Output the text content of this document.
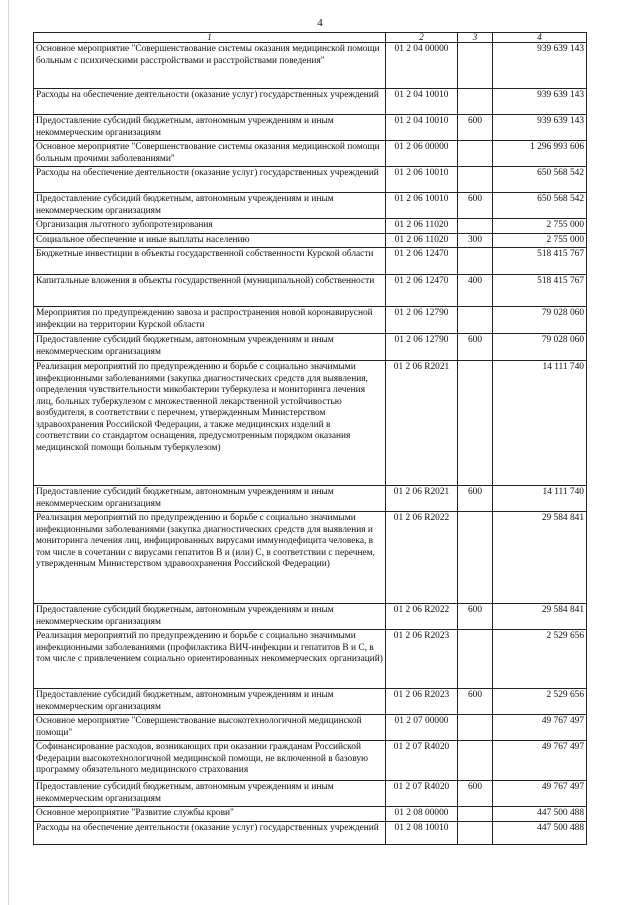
4
1	2	3	4
Основное мероприятие "Совершенствование системы оказания медицинской помощи больным с психическими расстройствами и расстройствами поведения"	01 2 04 00000		939 639 143
Расходы на обеспечение деятельности (оказание услуг) государственных учреждений	01 2 04 10010		939 639 143
Предоставление субсидий бюджетным, автономным учреждениям и иным некоммерческим организациям	01 2 04 10010	600	939 639 143
Основное мероприятие "Совершенствование системы оказания медицинской помощи больным прочими заболеваниями"	01 2 06 00000		1 296 993 606
Расходы на обеспечение деятельности (оказание услуг) государственных учреждений	01 2 06 10010		650 568 542
Предоставление субсидий бюджетным, автономным учреждениям и иным некоммерческим организациям	01 2 06 10010	600	650 568 542
Организация льготного зубопротезирования	01 2 06 11020		2 755 000
Социальное обеспечение и иные выплаты населению	01 2 06 11020	300	2 755 000
Бюджетные инвестиции в объекты государственной собственности Курской области	01 2 06 12470		518 415 767
Капитальные вложения в объекты государственной (муниципальной) собственности	01 2 06 12470	400	518 415 767
Мероприятия по предупреждению завоза и распространения новой коронавирусной инфекции на территории Курской области	01 2 06 12790		79 028 060
Предоставление субсидий бюджетным, автономным учреждениям и иным некоммерческим организациям	01 2 06 12790	600	79 028 060
Реализация мероприятий по предупреждению и борьбе с социально значимыми инфекционными заболеваниями (закупка диагностических средств для выявления, определения чувствительности микобактерии туберкулеза и мониторинга лечения лиц, больных туберкулезом с множественной лекарственной устойчивостью возбудителя, в соответствии с перечнем, утвержденным Министерством здравоохранения Российской Федерации, а также медицинских изделий в соответствии со стандартом оснащения, предусмотренным порядком оказания медицинской помощи больным туберкулезом)	01 2 06 R2021		14 111 740
Предоставление субсидий бюджетным, автономным учреждениям и иным некоммерческим организациям	01 2 06 R2021	600	14 111 740
Реализация мероприятий по предупреждению и борьбе с социально значимыми инфекционными заболеваниями (закупка диагностических средств для выявления и мониторинга лечения лиц, инфицированных вирусами иммунодефицита человека, в том числе в сочетании с вирусами гепатитов В и (или) С, в соответствии с перечнем, утвержденным Министерством здравоохранения Российской Федерации)	01 2 06 R2022		29 584 841
Предоставление субсидий бюджетным, автономным учреждениям и иным некоммерческим организациям	01 2 06 R2022	600	29 584 841
Реализация мероприятий по предупреждению и борьбе с социально значимыми инфекционными заболеваниями (профилактика ВИЧ-инфекции и гепатитов В и С, в том числе с привлечением социально ориентированных некоммерческих организаций)	01 2 06 R2023		2 529 656
Предоставление субсидий бюджетным, автономным учреждениям и иным некоммерческим организациям	01 2 06 R2023	600	2 529 656
Основное мероприятие "Совершенствование высокотехнологичной медицинской помощи"	01 2 07 00000		49 767 497
Софинансирование расходов, возникающих при оказании гражданам Российской Федерации высокотехнологичной медицинской помощи, не включенной в базовую программу обязательного медицинского страхования	01 2 07 R4020		49 767 497
Предоставление субсидий бюджетным, автономным учреждениям и иным некоммерческим организациям	01 2 07 R4020	600	49 767 497
Основное мероприятие "Развитие службы крови"	01 2 08 00000		447 500 488
Расходы на обеспечение деятельности (оказание услуг) государственных учреждений	01 2 08 10010		447 500 488
